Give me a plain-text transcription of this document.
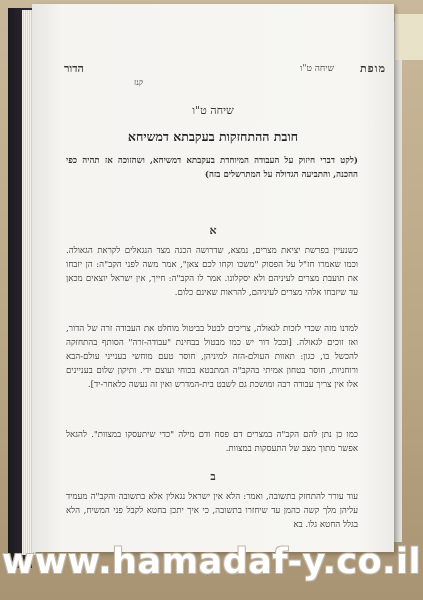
מופת
שיחה ט"ו
הדור
קנז
שיחה ט"ו
חובת ההתחזקות בעקבתא דמשיחא
(לקט דברי חיזוק על העבודה המיוחדת בעקבתא דמשיחא, ושהזוכה אז תהיה כפי ההכנה, והתביעה הגדולה על המתרשלים בזה)
א
כשנעיין בפרשת יציאת מצרים, נמצא, שדרושה הכנה מצד הנגאלים לקראת הגאולה. וכמו שאמרו חז"ל על הפסוק "משכו וקחו לכם צאן", אמר משה לפני הקב"ה: הן יזבחו את תועבת מצרים לעיניהם ולא יסקלונו. אמר לו הקב"ה: חייך, אין ישראל יוצאים מכאן עד שיזבחו אלהי מצרים לעיניהם, להראות שאינם כלום.
למדנו מזה שכדי לזכות לגאולה, צריכים לבטל בביטול מוחלט את העבודה זרה של הדור, ואז זוכים לגאולה. [ובכל דור יש כמו מבטול בבחינת "עבודה-זרה" הסותף בהתחזקה להכשל בו, כגון: תאוות העולם-הזה למיניהן, חוסר טעם מוחשי בענייני עולם-הבא ורוחניות, חוסר בטחון אמיתי בהקב"ה המתבטא בכוחי ועוצם ידי. ותיקון שלום בעניינים אלו אין צריך עבודה רבה ומושכת גם לשבט בית-המדרש ואין זה נעשה כלאחר-יד].
כמו כן נתן להם הקב"ה במצרים דם פסח ודם מילה "כדי שיתעסקו במצוות". להגאל אפשר מתוך מצב של התעסקות במצוות.
ב
עוד עורר להתחזק בתשובה, ואמר: הלא אין ישראל נגאלין אלא בתשובה והקב"ה מעמיד עליהן מלך קשה כהמן עד שיחזרו בתשובה, כי איך יתכן בחטא לקבל פני המשיח, הלא בגלל החטא גלו. בא
www.hamadaf-y.co.il
